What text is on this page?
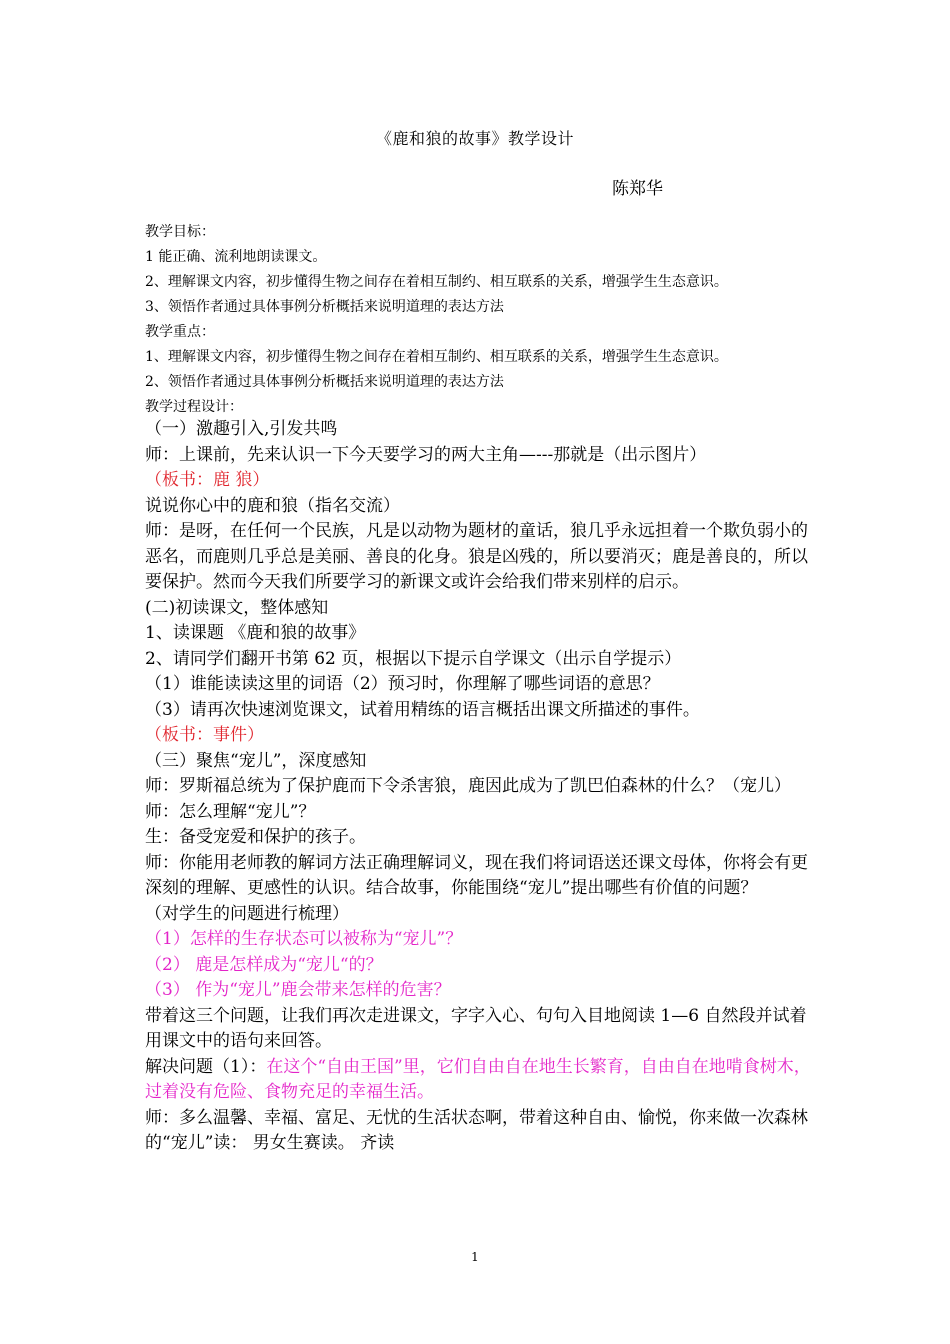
《鹿和狼的故事》教学设计
陈郑华

教学目标：

1 能正确、流利地朗读课文。

2、理解课文内容，初步懂得生物之间存在着相互制约、相互联系的关系，增强学生生态意识。

3、领悟作者通过具体事例分析概括来说明道理的表达方法

教学重点：

1、理解课文内容，初步懂得生物之间存在着相互制约、相互联系的关系，增强学生生态意识。

2、领悟作者通过具体事例分析概括来说明道理的表达方法

教学过程设计：

（一）激趣引入,引发共鸣

师：上课前，先来认识一下今天要学习的两大主角—---那就是（出示图片）

（板书：鹿 狼）

说说你心中的鹿和狼（指名交流）

师：是呀，在任何一个民族，凡是以动物为题材的童话，狼几乎永远担着一个欺负弱小的恶名，而鹿则几乎总是美丽、善良的化身。狼是凶残的，所以要消灭；鹿是善良的，所以要保护。然而今天我们所要学习的新课文或许会给我们带来别样的启示。

(二)初读课文，整体感知

1、读课题 《鹿和狼的故事》

2、请同学们翻开书第 62 页，根据以下提示自学课文（出示自学提示）

（1）谁能读读这里的词语（2）预习时，你理解了哪些词语的意思？

（3）请再次快速浏览课文，试着用精练的语言概括出课文所描述的事件。

（板书：事件）

（三）聚焦“宠儿”，深度感知

师：罗斯福总统为了保护鹿而下令杀害狼，鹿因此成为了凯巴伯森林的什么？（宠儿）

师：怎么理解“宠儿”？

生：备受宠爱和保护的孩子。

师：你能用老师教的解词方法正确理解词义，现在我们将词语送还课文母体，你将会有更深刻的理解、更感性的认识。结合故事，你能围绕“宠儿”提出哪些有价值的问题？

（对学生的问题进行梳理）

（1）怎样的生存状态可以被称为“宠儿”？

（2） 鹿是怎样成为“宠儿“的？

（3） 作为“宠儿”鹿会带来怎样的危害？

带着这三个问题，让我们再次走进课文，字字入心、句句入目地阅读 1—6 自然段并试着用课文中的语句来回答。

解决问题（1）：在这个“自由王国”里，它们自由自在地生长繁育，自由自在地啃食树木，过着没有危险、食物充足的幸福生活。

师：多么温馨、幸福、富足、无忧的生活状态啊，带着这种自由、愉悦，你来做一次森林的“宠儿”读： 男女生赛读。 齐读

1
